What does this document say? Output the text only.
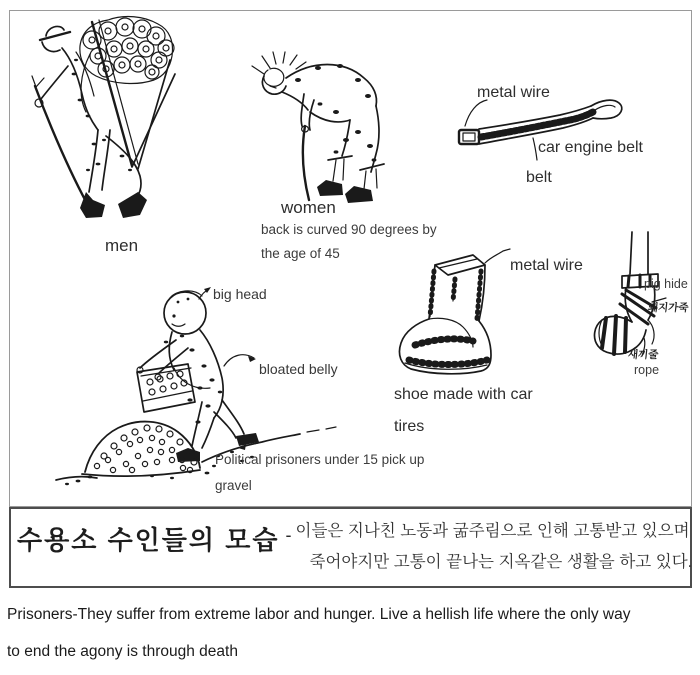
men
women
back is curved 90 degrees by
the age of 45
metal wire
car engine belt
belt
metal wire
shoe made with car
tires
pig hide
돼지가죽
새끼줄
rope
big head
bloated belly
Political prisoners under 15 pick up
gravel
수용소 수인들의 모습 - 이들은 지나친 노동과 굶주림으로 인해 고통받고 있으며
죽어야지만 고통이 끝나는 지옥같은 생활을 하고 있다.
Prisoners-They suffer from extreme labor and hunger. Live a hellish life where the only way
to end the agony is through death
